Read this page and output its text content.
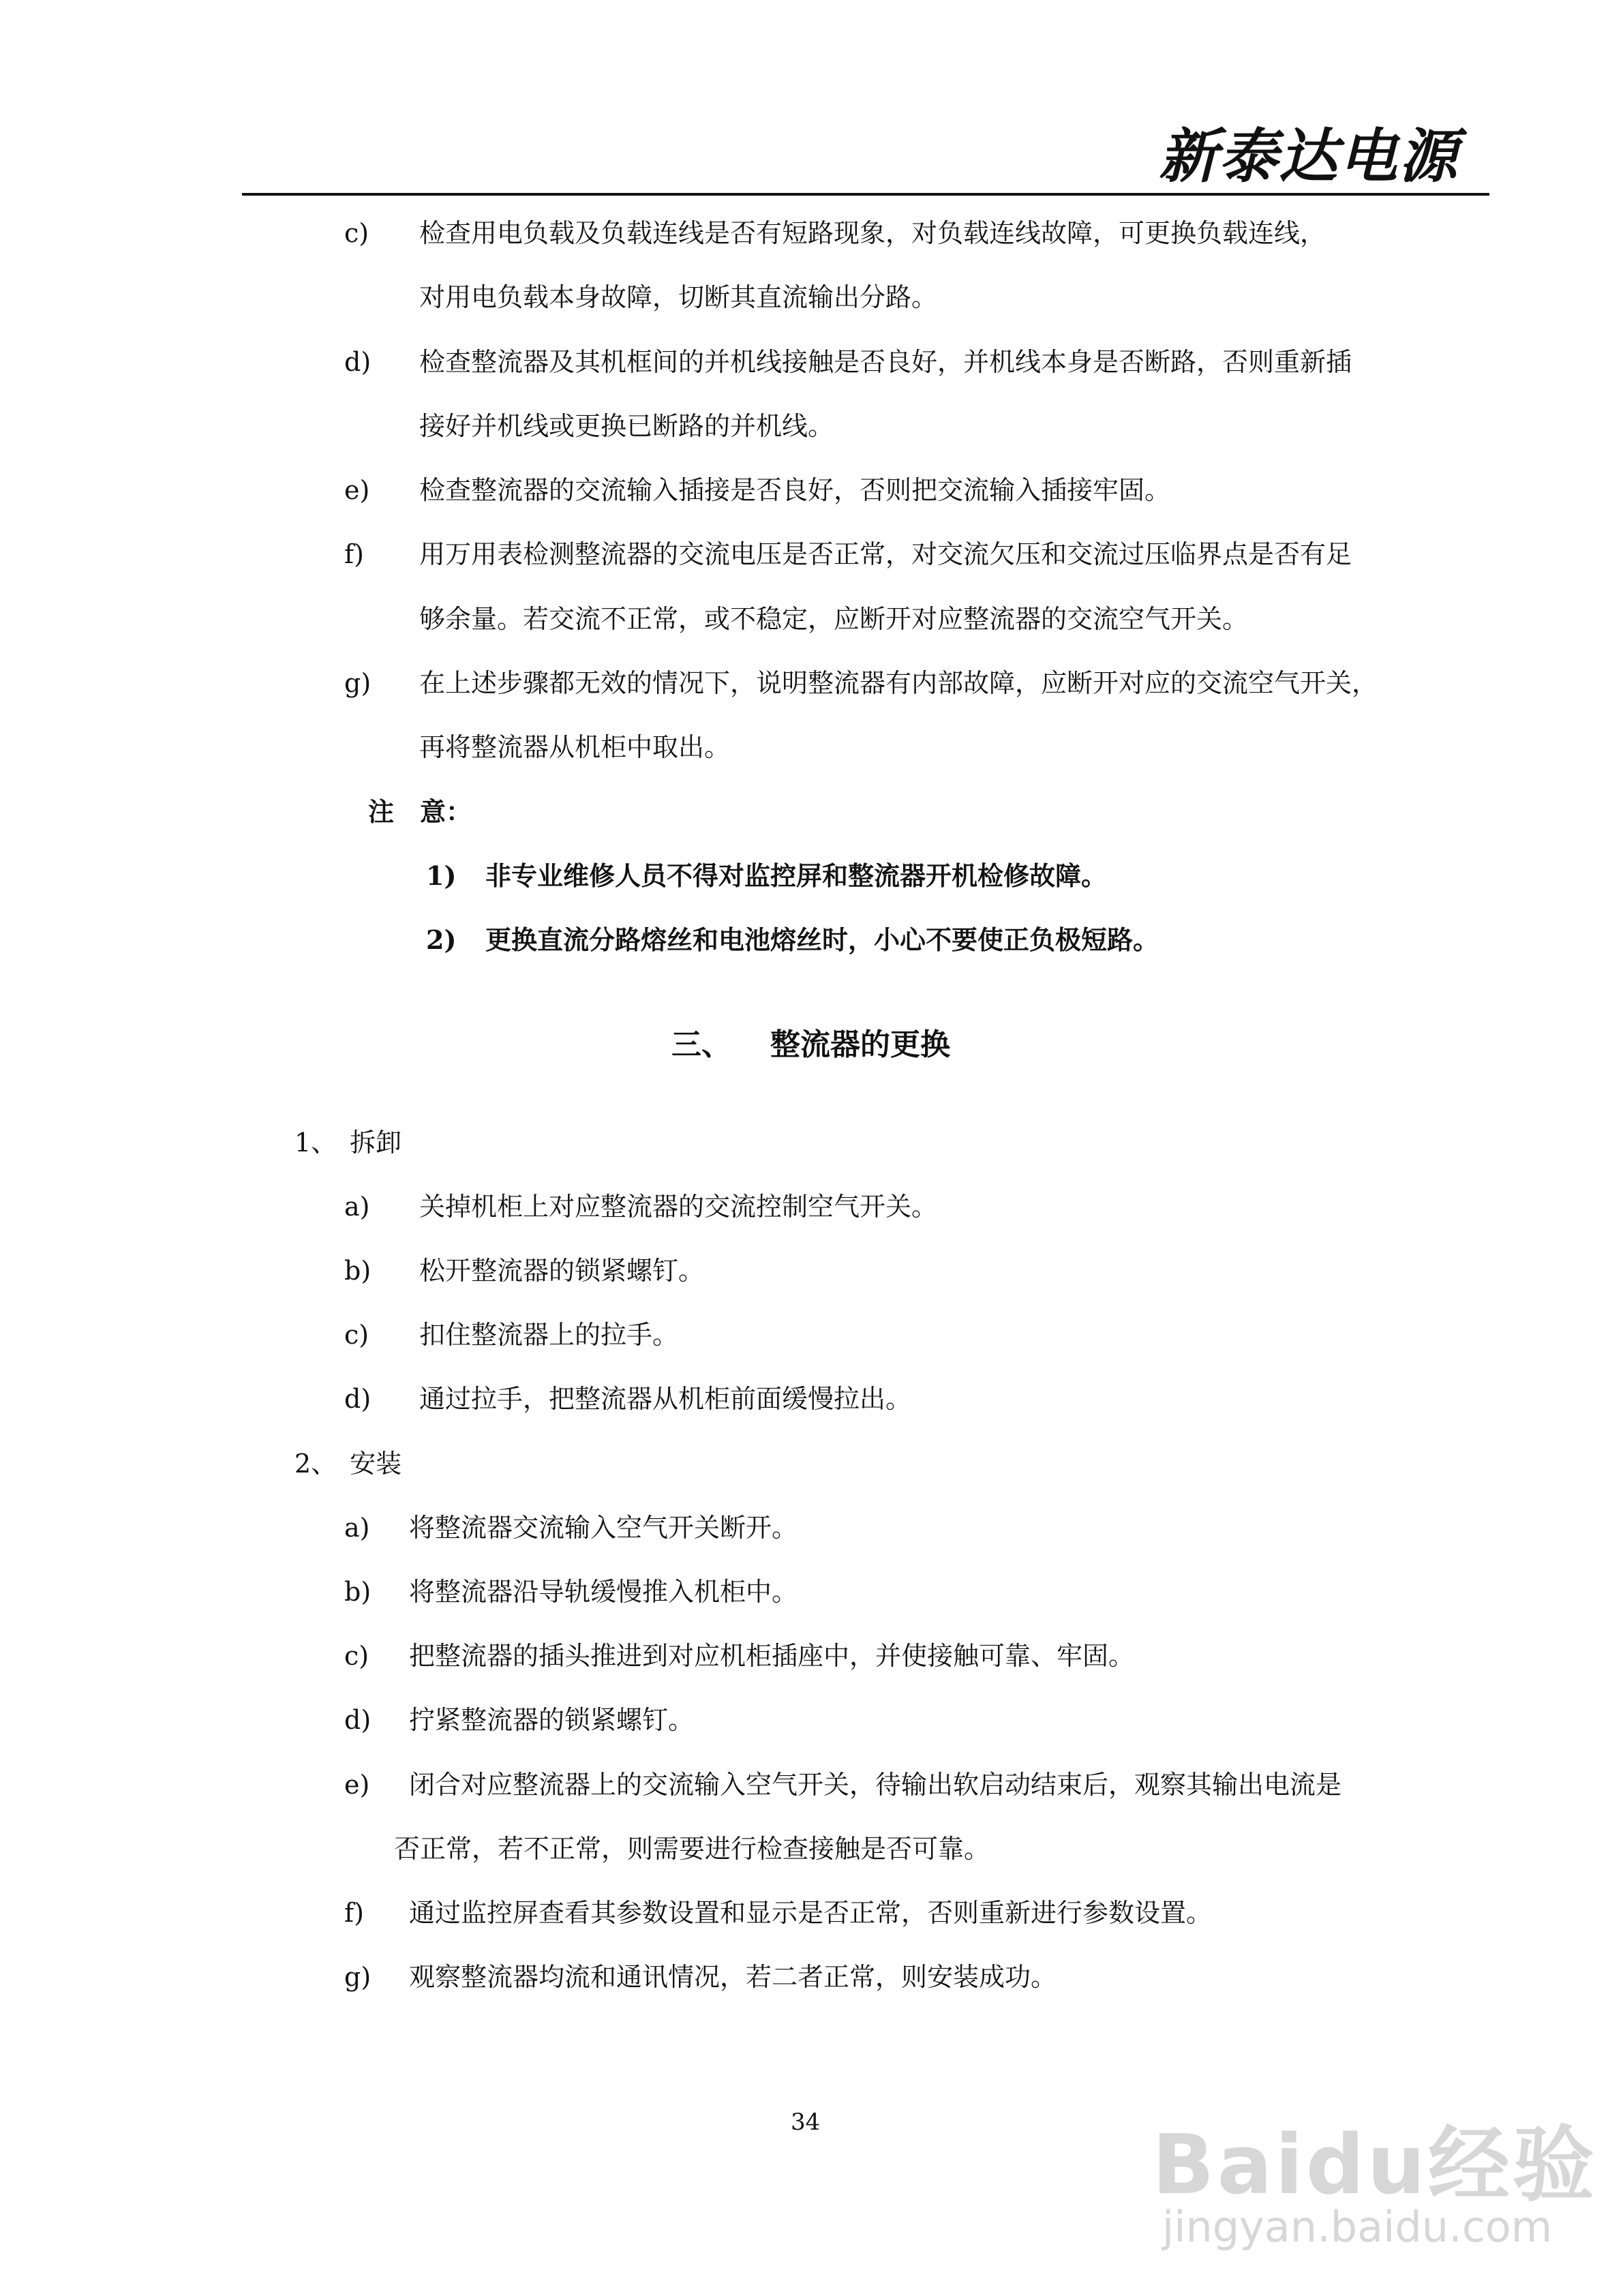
新泰达电源
c) 检查用电负载及负载连线是否有短路现象，对负载连线故障，可更换负载连线，
对用电负载本身故障，切断其直流输出分路。
d) 检查整流器及其机框间的并机线接触是否良好，并机线本身是否断路，否则重新插
接好并机线或更换已断路的并机线。
e) 检查整流器的交流输入插接是否良好，否则把交流输入插接牢固。
f) 用万用表检测整流器的交流电压是否正常，对交流欠压和交流过压临界点是否有足
够余量。若交流不正常，或不稳定，应断开对应整流器的交流空气开关。
g) 在上述步骤都无效的情况下，说明整流器有内部故障，应断开对应的交流空气开关，
再将整流器从机柜中取出。
注　意：
1) 非专业维修人员不得对监控屏和整流器开机检修故障。
2) 更换直流分路熔丝和电池熔丝时，小心不要使正负极短路。
三、 整流器的更换
1、　拆卸
a) 关掉机柜上对应整流器的交流控制空气开关。
b) 松开整流器的锁紧螺钉。
c) 扣住整流器上的拉手。
d) 通过拉手，把整流器从机柜前面缓慢拉出。
2、　安装
a) 将整流器交流输入空气开关断开。
b) 将整流器沿导轨缓慢推入机柜中。
c) 把整流器的插头推进到对应机柜插座中，并使接触可靠、牢固。
d) 拧紧整流器的锁紧螺钉。
e) 闭合对应整流器上的交流输入空气开关，待输出软启动结束后，观察其输出电流是
否正常，若不正常，则需要进行检查接触是否可靠。
f) 通过监控屏查看其参数设置和显示是否正常，否则重新进行参数设置。
g) 观察整流器均流和通讯情况，若二者正常，则安装成功。
34	Baidu经验
jingyan.baidu.com
